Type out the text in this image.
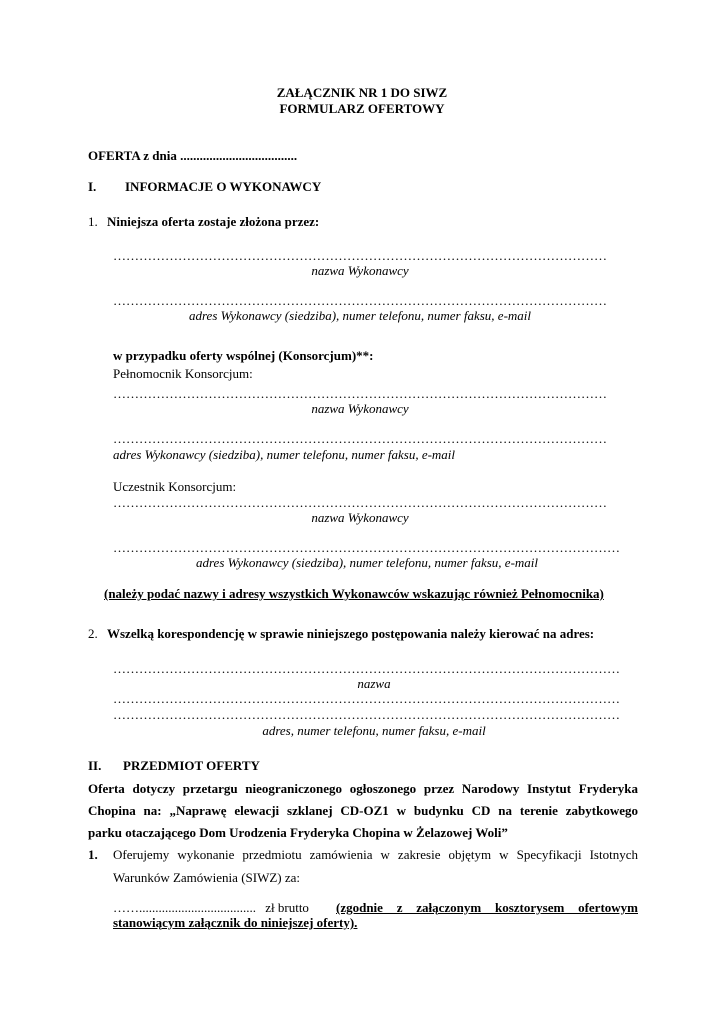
ZAŁĄCZNIK NR 1 DO SIWZ
FORMULARZ OFERTOWY
OFERTA z dnia ....................................
I. INFORMACJE O WYKONAWCY
1. Niniejsza oferta zostaje złożona przez:
……………………………………………………………………………………………………
nazwa Wykonawcy
……………………………………………………………………………………………………
adres Wykonawcy (siedziba), numer telefonu, numer faksu, e-mail
w przypadku oferty wspólnej (Konsorcjum)**:
Pełnomocnik Konsorcjum:
……………………………………………………………………………………………………
nazwa Wykonawcy
……………………………………………………………………………………………………
adres Wykonawcy (siedziba), numer telefonu, numer faksu, e-mail
Uczestnik Konsorcjum:
……………………………………………………………………………………………………
nazwa Wykonawcy
………………………………………………………………………………………………………
adres Wykonawcy (siedziba), numer telefonu, numer faksu, e-mail
(należy podać nazwy i adresy wszystkich Wykonawców wskazując również Pełnomocnika)
2. Wszelką korespondencję w sprawie niniejszego postępowania należy kierować na adres:
………………………………………………………………………………………………………
nazwa
………………………………………………………………………………………………………
………………………………………………………………………………………………………
adres, numer telefonu, numer faksu, e-mail
II. PRZEDMIOT OFERTY
Oferta dotyczy przetargu nieograniczonego ogłoszonego przez Narodowy Instytut Fryderyka
Chopina na: „Naprawę elewacji szklanej CD-OZ1 w budynku CD na terenie zabytkowego
parku otaczającego Dom Urodzenia Fryderyka Chopina w Żelazowej Woli”
1. Oferujemy wykonanie przedmiotu zamówienia w zakresie objętym w Specyfikacji Istotnych
Warunków Zamówienia (SIWZ) za:
…….................................... zł brutto (zgodnie z załączonym kosztorysem ofertowym
stanowiącym załącznik do niniejszej oferty).
